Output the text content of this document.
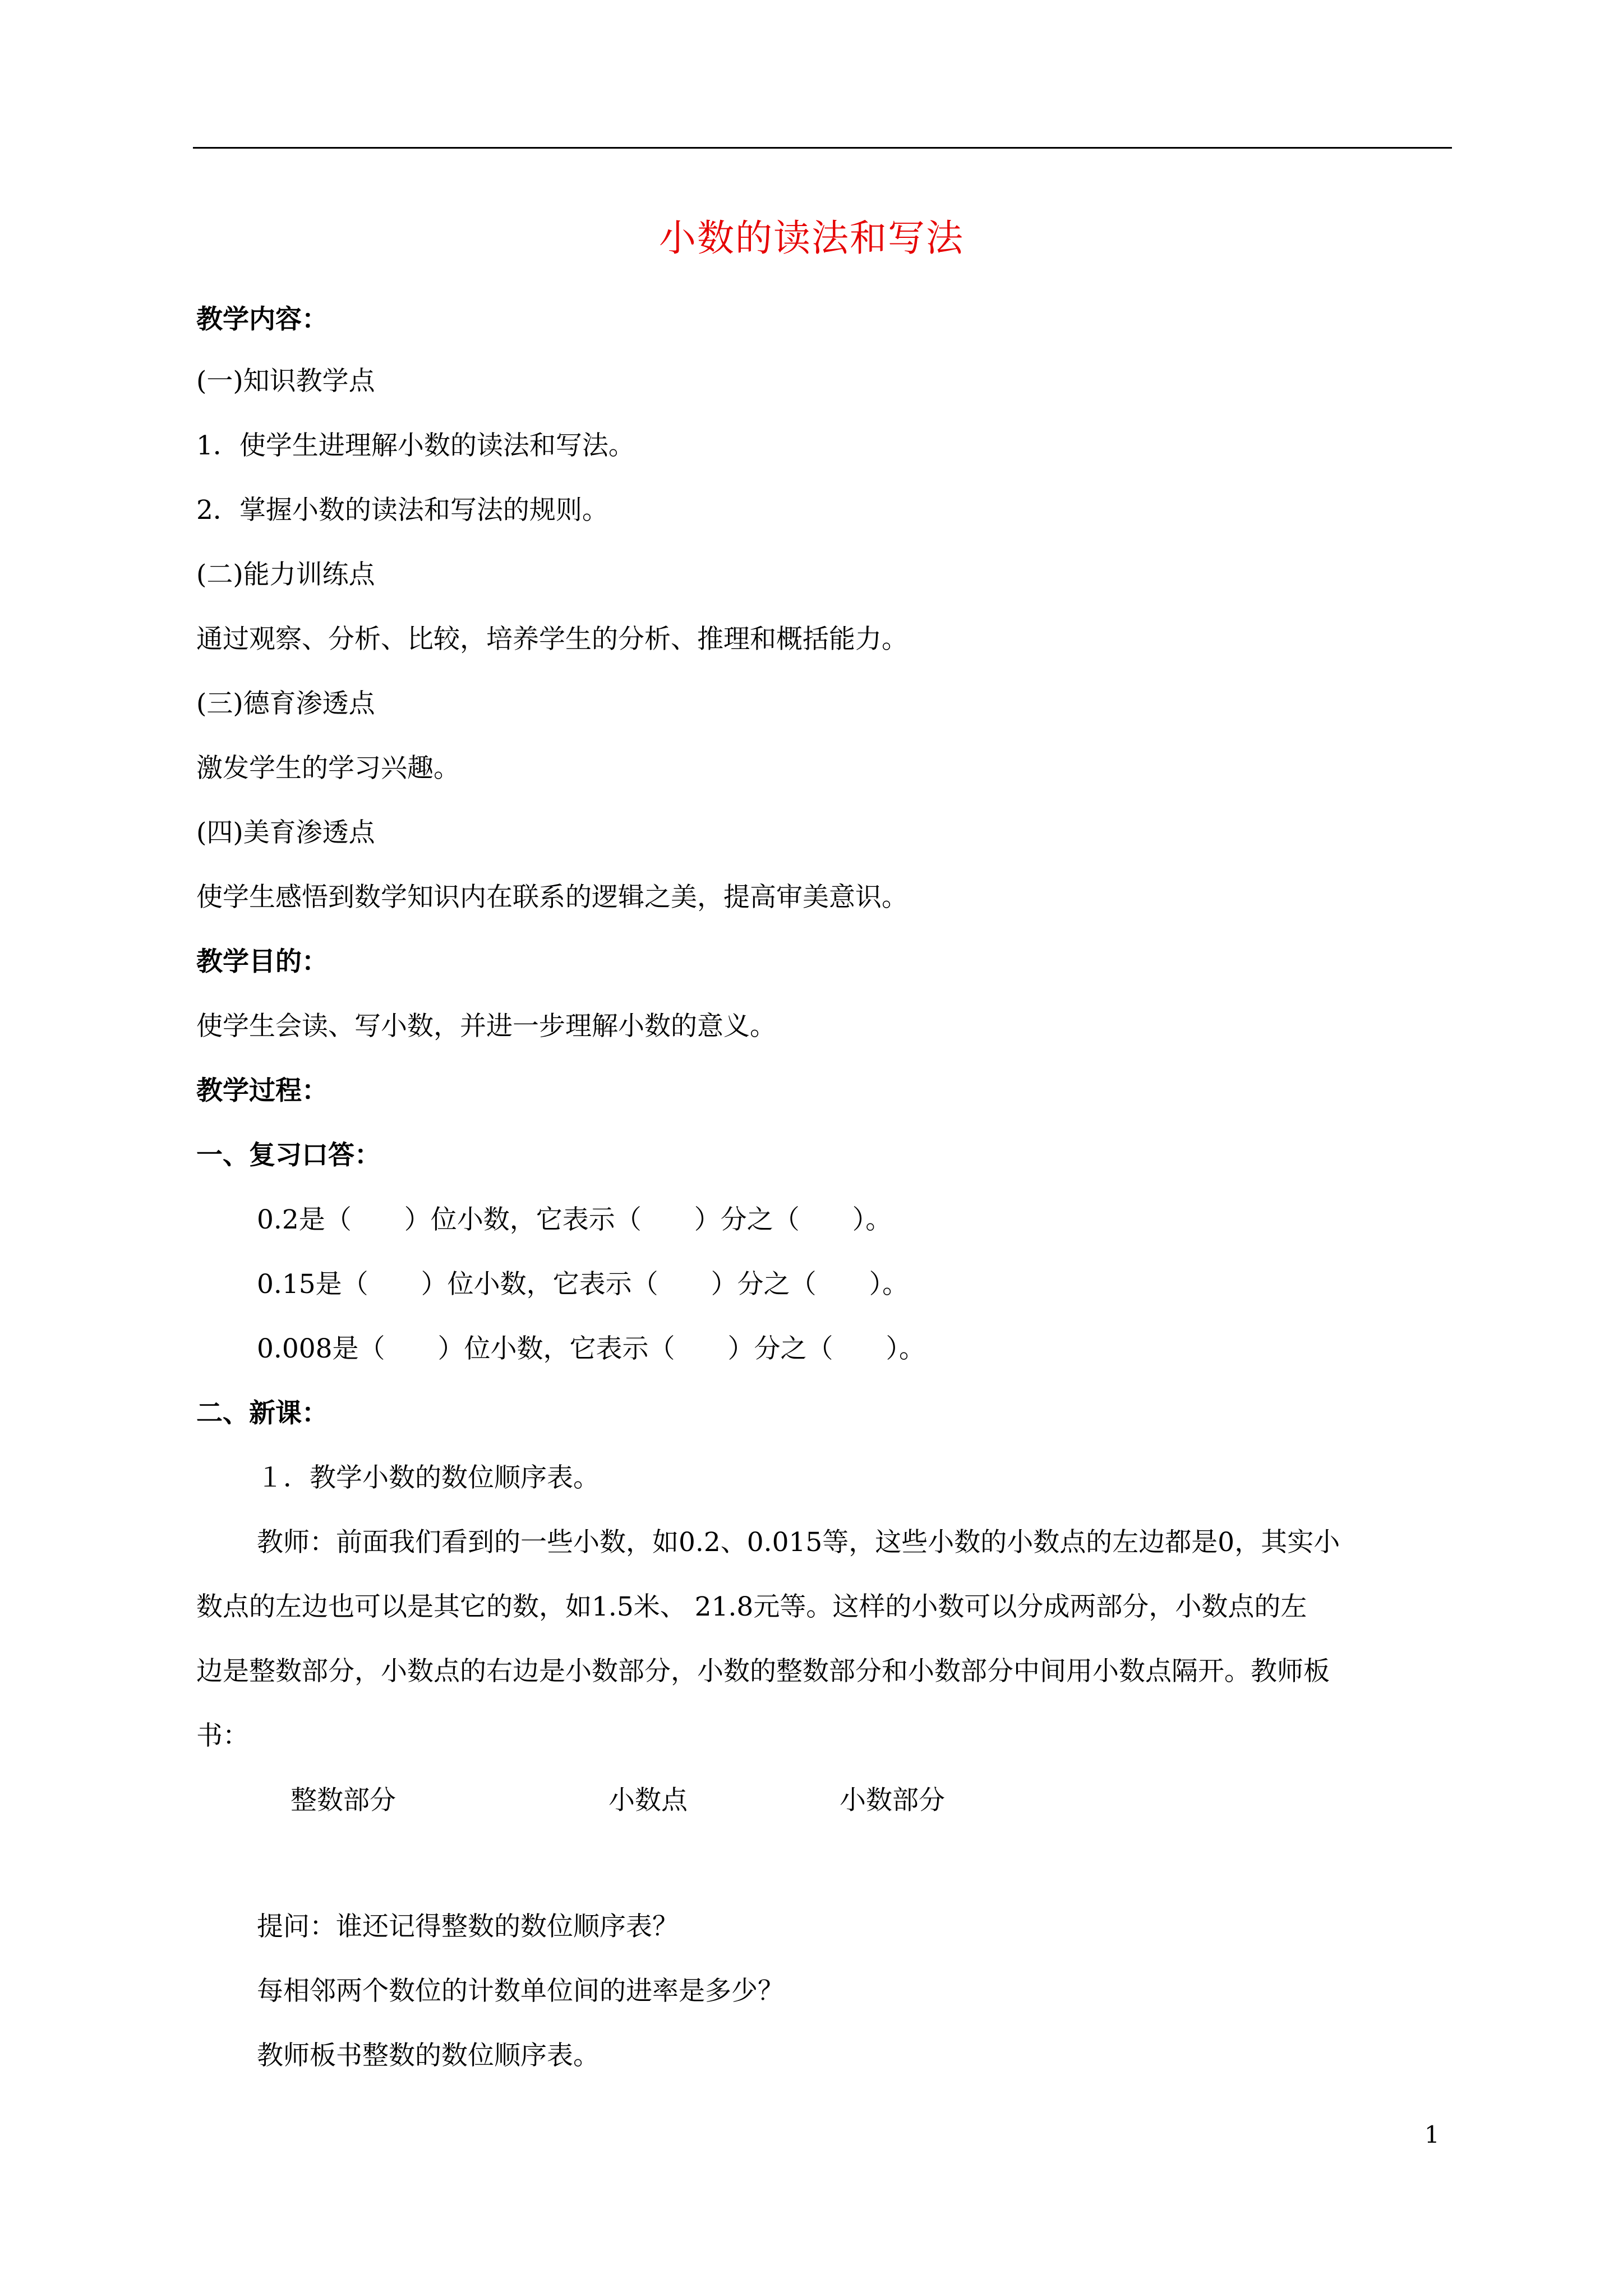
小数的读法和写法
教学内容：
(一)知识教学点
1．使学生进理解小数的读法和写法。
2．掌握小数的读法和写法的规则。
(二)能力训练点
通过观察、分析、比较，培养学生的分析、推理和概括能力。
(三)德育渗透点
激发学生的学习兴趣。
(四)美育渗透点
使学生感悟到数学知识内在联系的逻辑之美，提高审美意识。
教学目的：
使学生会读、写小数，并进一步理解小数的意义。
教学过程：
一、复习口答：
0.2是（　　）位小数，它表示（　　）分之（　　）。
0.15是（　　）位小数，它表示（　　）分之（　　）。
0.008是（　　）位小数，它表示（　　）分之（　　）。
二、新课：
１．教学小数的数位顺序表。
教师：前面我们看到的一些小数，如0.2、0.015等，这些小数的小数点的左边都是0，其实小
数点的左边也可以是其它的数，如1.5米、 21.8元等。这样的小数可以分成两部分，小数点的左
边是整数部分，小数点的右边是小数部分，小数的整数部分和小数部分中间用小数点隔开。教师板
书：
整数部分	小数点	小数部分
提问：谁还记得整数的数位顺序表？
每相邻两个数位的计数单位间的进率是多少？
教师板书整数的数位顺序表。
1
